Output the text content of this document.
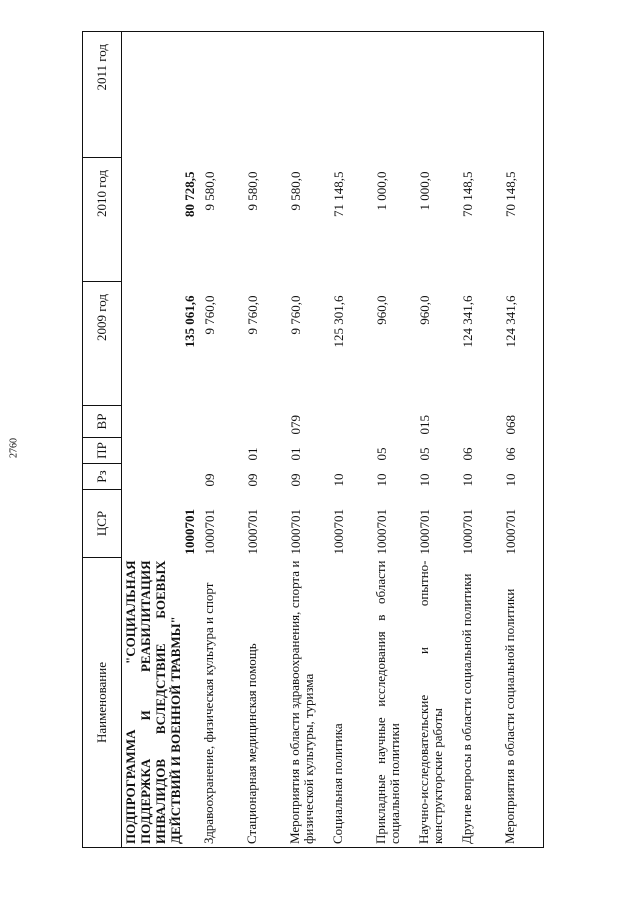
2760
Наименование	ЦСР	Рз	ПР	ВР	2009 год	2010 год	2011 год
ПОДПРОГРАММА "СОЦИАЛЬНАЯ ПОДДЕРЖКА И РЕАБИЛИТАЦИЯ ИНВАЛИДОВ ВСЛЕДСТВИЕ БОЕВЫХ ДЕЙСТВИЙ И ВОЕННОЙ ТРАВМЫ"	1000701				135 061,6	80 728,5	
Здравоохранение, физическая культура и спорт	1000701	09			9 760,0	9 580,0	
Стационарная медицинская помощь	1000701	09	01		9 760,0	9 580,0	
Мероприятия в области здравоохранения, спорта и физической культуры, туризма	1000701	09	01	079	9 760,0	9 580,0	
Социальная политика	1000701	10			125 301,6	71 148,5	
Прикладные научные исследования в области социальной политики	1000701	10	05		960,0	1 000,0	
Научно-исследовательские и опытно-конструкторские работы	1000701	10	05	015	960,0	1 000,0	
Другие вопросы в области социальной политики	1000701	10	06		124 341,6	70 148,5	
Мероприятия в области социальной политики	1000701	10	06	068	124 341,6	70 148,5	
